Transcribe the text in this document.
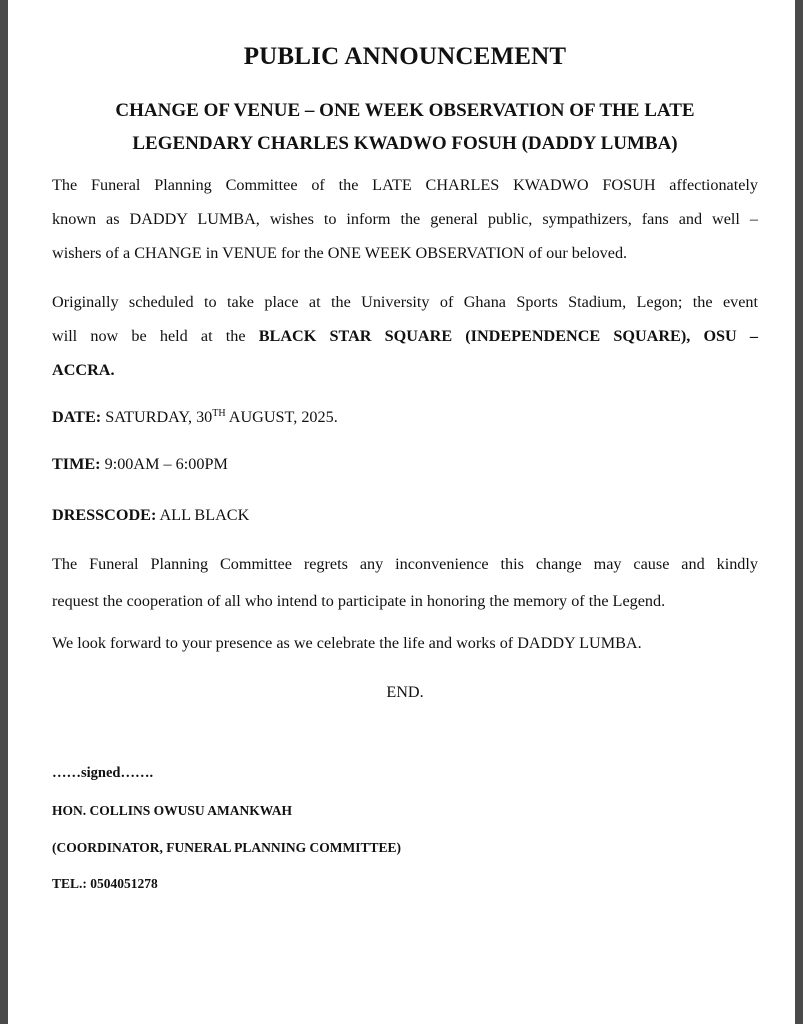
PUBLIC ANNOUNCEMENT

CHANGE OF VENUE – ONE WEEK OBSERVATION OF THE LATE

LEGENDARY CHARLES KWADWO FOSUH (DADDY LUMBA)

The Funeral Planning Committee of the LATE CHARLES KWADWO FOSUH affectionately
known as DADDY LUMBA, wishes to inform the general public, sympathizers, fans and well –
wishers of a CHANGE in VENUE for the ONE WEEK OBSERVATION of our beloved.

Originally scheduled to take place at the University of Ghana Sports Stadium, Legon; the event
will now be held at the BLACK STAR SQUARE (INDEPENDENCE SQUARE), OSU –
ACCRA.

DATE: SATURDAY, 30TH AUGUST, 2025.

TIME: 9:00AM – 6:00PM

DRESSCODE: ALL BLACK

The Funeral Planning Committee regrets any inconvenience this change may cause and kindly
request the cooperation of all who intend to participate in honoring the memory of the Legend.

We look forward to your presence as we celebrate the life and works of DADDY LUMBA.

END.

……signed…….

HON. COLLINS OWUSU AMANKWAH

(COORDINATOR, FUNERAL PLANNING COMMITTEE)

TEL.: 0504051278
